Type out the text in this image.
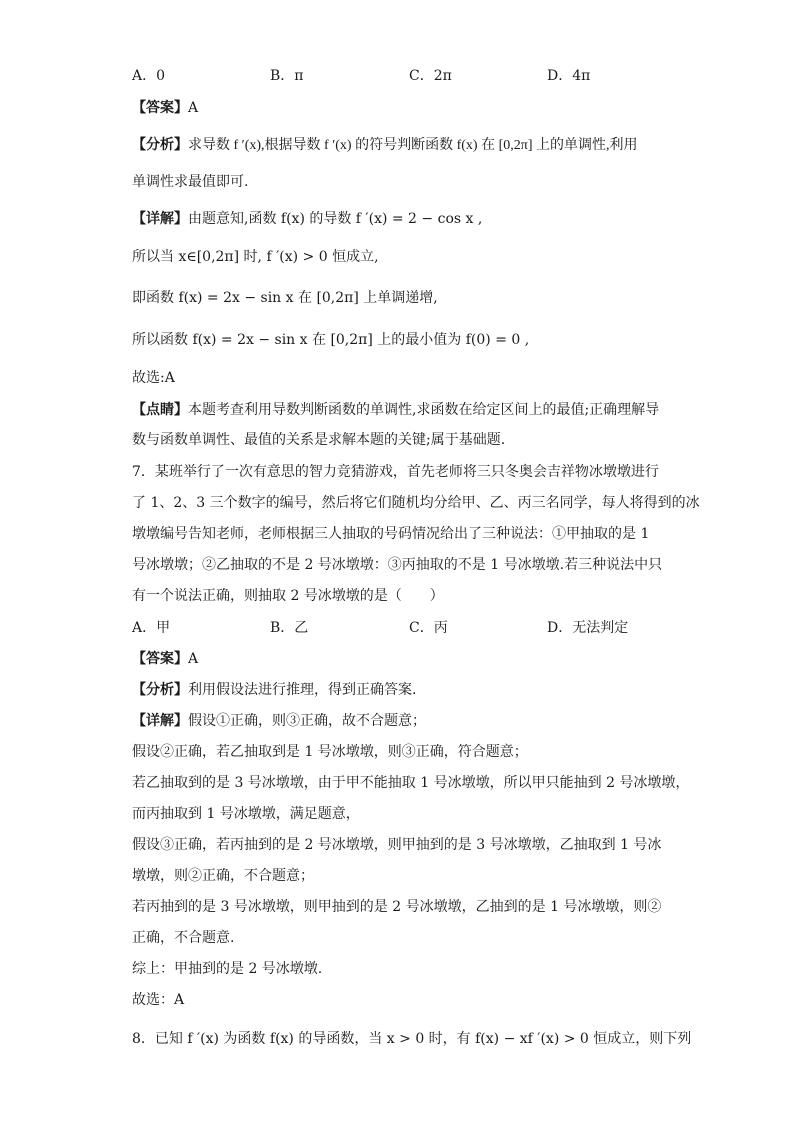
A．0	B．π	C．2π	D．4π
【答案】A
【分析】求导数 f ′(x),根据导数 f ′(x) 的符号判断函数 f(x) 在 [0,2π] 上的单调性,利用
单调性求最值即可.
【详解】由题意知,函数 f(x) 的导数 f ′(x) = 2 − cos x ,
所以当 x∈[0,2π] 时, f ′(x) > 0 恒成立,
即函数 f(x) = 2x − sin x 在 [0,2π] 上单调递增,
所以函数 f(x) = 2x − sin x 在 [0,2π] 上的最小值为 f(0) = 0 ,
故选:A
【点睛】本题考查利用导数判断函数的单调性,求函数在给定区间上的最值;正确理解导
数与函数单调性、最值的关系是求解本题的关键;属于基础题.
7．某班举行了一次有意思的智力竞猜游戏，首先老师将三只冬奥会吉祥物冰墩墩进行
了 1、2、3 三个数字的编号，然后将它们随机均分给甲、乙、丙三名同学，每人将得到的冰
墩墩编号告知老师，老师根据三人抽取的号码情况给出了三种说法：①甲抽取的是 1
号冰墩墩；②乙抽取的不是 2 号冰墩墩：③丙抽取的不是 1 号冰墩墩.若三种说法中只
有一个说法正确，则抽取 2 号冰墩墩的是（　　）
A．甲	B．乙	C．丙	D．无法判定
【答案】A
【分析】利用假设法进行推理，得到正确答案.
【详解】假设①正确，则③正确，故不合题意；
假设②正确，若乙抽取到是 1 号冰墩墩，则③正确，符合题意；
若乙抽取到的是 3 号冰墩墩，由于甲不能抽取 1 号冰墩墩，所以甲只能抽到 2 号冰墩墩，
而丙抽取到 1 号冰墩墩，满足题意，
假设③正确，若丙抽到的是 2 号冰墩墩，则甲抽到的是 3 号冰墩墩，乙抽取到 1 号冰
墩墩，则②正确，不合题意；
若丙抽到的是 3 号冰墩墩，则甲抽到的是 2 号冰墩墩，乙抽到的是 1 号冰墩墩，则②
正确，不合题意.
综上：甲抽到的是 2 号冰墩墩.
故选：A
8．已知 f ′(x) 为函数 f(x) 的导函数，当 x > 0 时，有 f(x) − xf ′(x) > 0 恒成立，则下列
